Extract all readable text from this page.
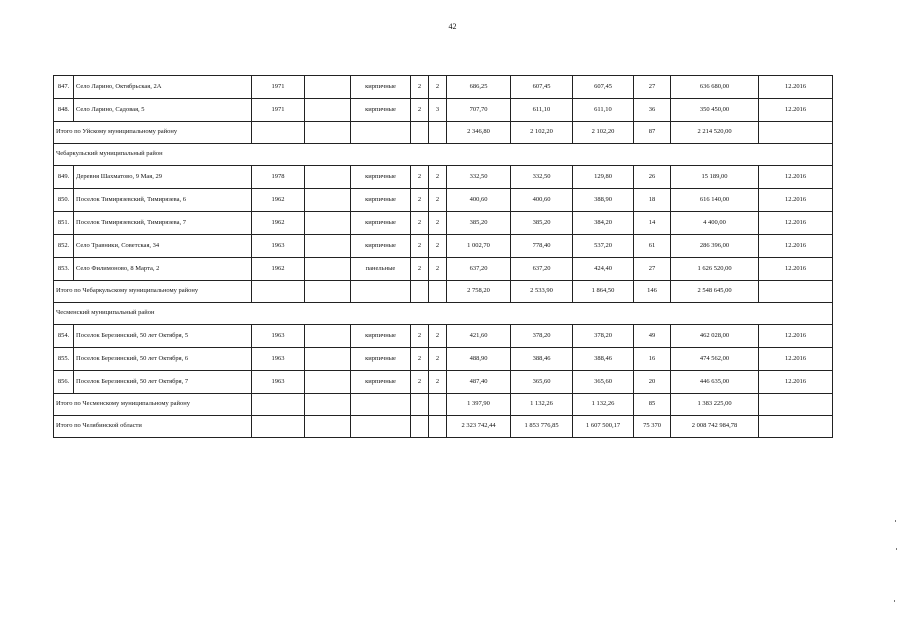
42
847.	Село Ларино, Октябрьская, 2А	1971		кирпичные	2	2	686,25	607,45	607,45	27	636 680,00	12.2016
848.	Село Ларино, Садовая, 5	1971		кирпичные	2	3	707,70	611,10	611,10	36	350 450,00	12.2016
Итого по Уйскому муниципальному району							2 346,80	2 102,20	2 102,20	87	2 214 520,00	
Чебаркульский муниципальный район												
849.	Деревня Шахматово, 9 Мая, 29	1978		кирпичные	2	2	332,50	332,50	129,80	26	15 189,00	12.2016
850.	Поселок Тимирязевский, Тимирязева, 6	1962		кирпичные	2	2	400,60	400,60	388,90	18	616 140,00	12.2016
851.	Поселок Тимирязевский, Тимирязева, 7	1962		кирпичные	2	2	385,20	385,20	384,20	14	4 400,00	12.2016
852.	Село Травники, Советская, 34	1963		кирпичные	2	2	1 002,70	778,40	537,20	61	286 396,00	12.2016
853.	Село Филимоново, 8 Марта, 2	1962		панельные	2	2	637,20	637,20	424,40	27	1 626 520,00	12.2016
Итого по Чебаркульскому муниципальному району							2 758,20	2 533,90	1 864,50	146	2 548 645,00	
Чесменский муниципальный район												
854.	Поселок Березинский, 50 лет Октября, 5	1963		кирпичные	2	2	421,60	378,20	378,20	49	462 028,00	12.2016
855.	Поселок Березинский, 50 лет Октября, 6	1963		кирпичные	2	2	488,90	388,46	388,46	16	474 562,00	12.2016
856.	Поселок Березинский, 50 лет Октября, 7	1963		кирпичные	2	2	487,40	365,60	365,60	20	446 635,00	12.2016
Итого по Чесменскому муниципальному району							1 397,90	1 132,26	1 132,26	85	1 383 225,00	
Итого по Челябинской области							2 323 742,44	1 853 776,85	1 607 500,17	75 370	2 008 742 984,78	
